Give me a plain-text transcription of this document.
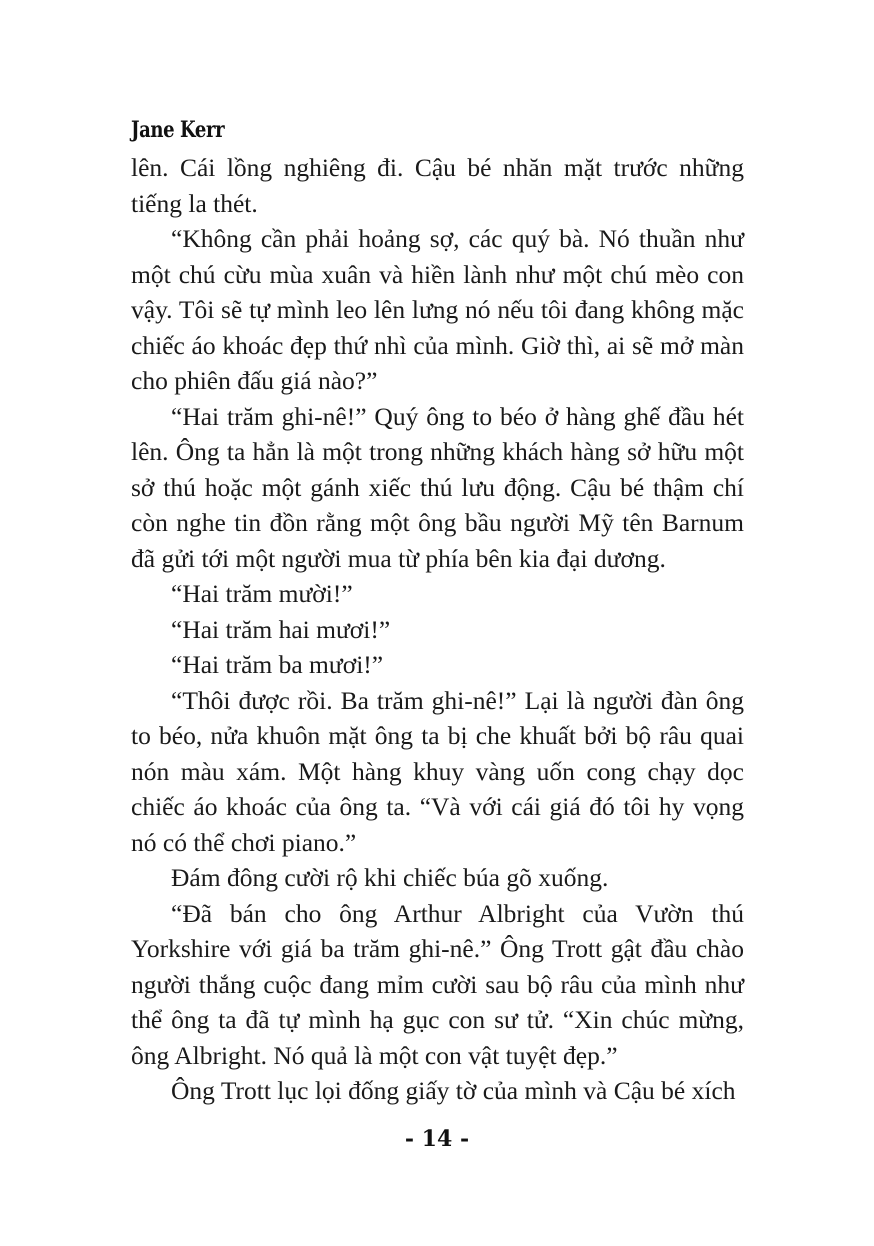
Jane Kerr

lên. Cái lồng nghiêng đi. Cậu bé nhăn mặt trước những tiếng la thét.

“Không cần phải hoảng sợ, các quý bà. Nó thuần như một chú cừu mùa xuân và hiền lành như một chú mèo con vậy. Tôi sẽ tự mình leo lên lưng nó nếu tôi đang không mặc chiếc áo khoác đẹp thứ nhì của mình. Giờ thì, ai sẽ mở màn cho phiên đấu giá nào?”

“Hai trăm ghi-nê!” Quý ông to béo ở hàng ghế đầu hét lên. Ông ta hẳn là một trong những khách hàng sở hữu một sở thú hoặc một gánh xiếc thú lưu động. Cậu bé thậm chí còn nghe tin đồn rằng một ông bầu người Mỹ tên Barnum đã gửi tới một người mua từ phía bên kia đại dương.

“Hai trăm mười!”

“Hai trăm hai mươi!”

“Hai trăm ba mươi!”

“Thôi được rồi. Ba trăm ghi-nê!” Lại là người đàn ông to béo, nửa khuôn mặt ông ta bị che khuất bởi bộ râu quai nón màu xám. Một hàng khuy vàng uốn cong chạy dọc chiếc áo khoác của ông ta. “Và với cái giá đó tôi hy vọng nó có thể chơi piano.”

Đám đông cười rộ khi chiếc búa gõ xuống.

“Đã bán cho ông Arthur Albright của Vườn thú Yorkshire với giá ba trăm ghi-nê.” Ông Trott gật đầu chào người thắng cuộc đang mỉm cười sau bộ râu của mình như thể ông ta đã tự mình hạ gục con sư tử. “Xin chúc mừng, ông Albright. Nó quả là một con vật tuyệt đẹp.”

Ông Trott lục lọi đống giấy tờ của mình và Cậu bé xích

- 14 -
